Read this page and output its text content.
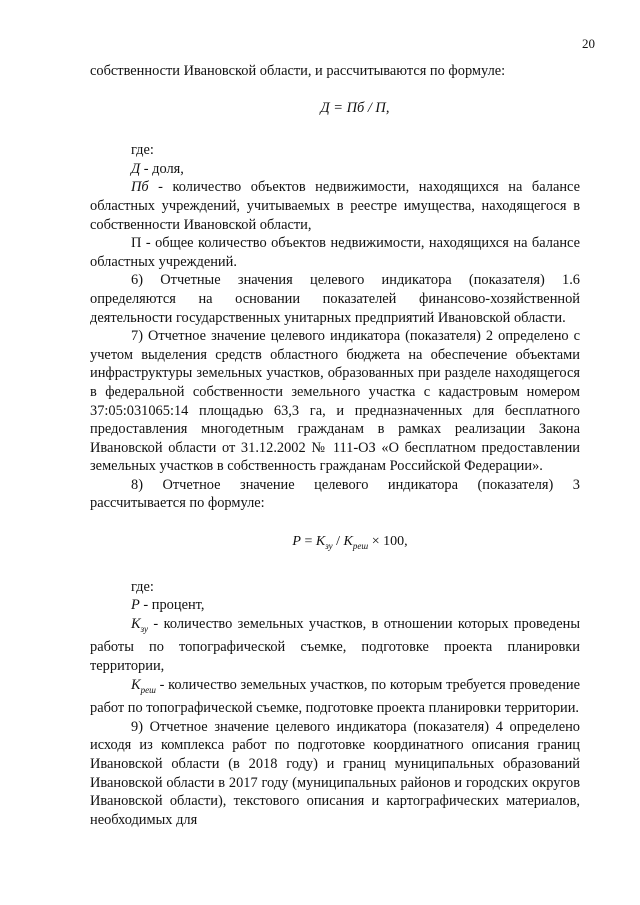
20

собственности Ивановской области, и рассчитываются по формуле:

Д = Пб / П,

где:

Д - доля,

Пб - количество объектов недвижимости, находящихся на балансе областных учреждений, учитываемых в реестре имущества, находящегося в собственности Ивановской области,

П - общее количество объектов недвижимости, находящихся на балансе областных учреждений.

6) Отчетные значения целевого индикатора (показателя) 1.6 определяются на основании показателей финансово-хозяйственной деятельности государственных унитарных предприятий Ивановской области.

7) Отчетное значение целевого индикатора (показателя) 2 определено с учетом выделения средств областного бюджета на обеспечение объектами инфраструктуры земельных участков, образованных при разделе находящегося в федеральной собственности земельного участка с кадастровым номером 37:05:031065:14 площадью 63,3 га, и предназначенных для бесплатного предоставления многодетным гражданам в рамках реализации Закона Ивановской области от 31.12.2002 № 111-ОЗ «О бесплатном предоставлении земельных участков в собственность гражданам Российской Федерации».

8) Отчетное значение целевого индикатора (показателя) 3 рассчитывается по формуле:

$P = K_{зу} / K_{реш} \times 100$,

где:

P - процент,

$K_{зу}$ - количество земельных участков, в отношении которых проведены работы по топографической съемке, подготовке проекта планировки территории,

$K_{реш}$ - количество земельных участков, по которым требуется проведение работ по топографической съемке, подготовке проекта планировки территории.

9) Отчетное значение целевого индикатора (показателя) 4 определено исходя из комплекса работ по подготовке координатного описания границ Ивановской области (в 2018 году) и границ муниципальных образований Ивановской области в 2017 году (муниципальных районов и городских округов Ивановской области), текстового описания и картографических материалов, необходимых для
